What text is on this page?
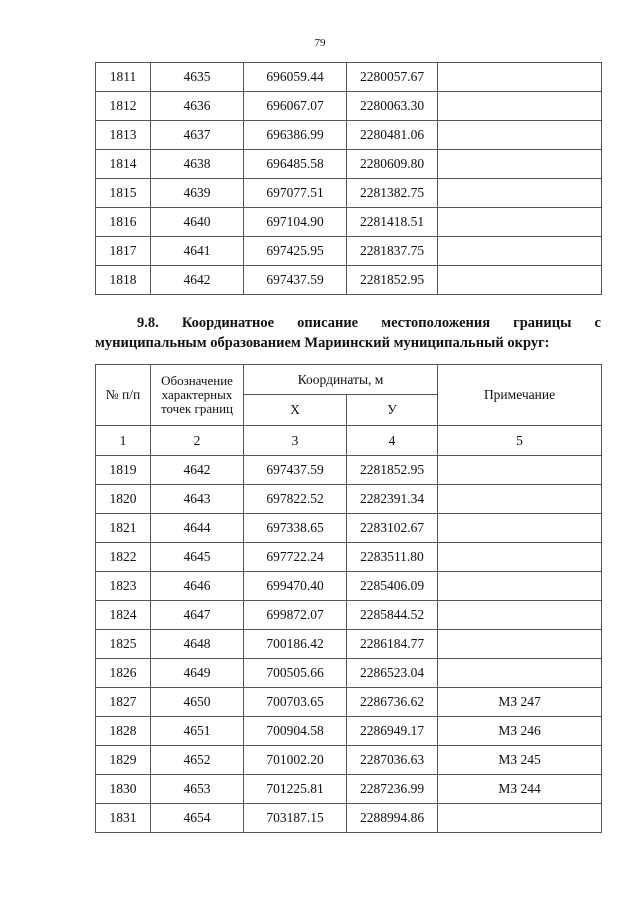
79
1811	4635	696059.44	2280057.67	
1812	4636	696067.07	2280063.30	
1813	4637	696386.99	2280481.06	
1814	4638	696485.58	2280609.80	
1815	4639	697077.51	2281382.75	
1816	4640	697104.90	2281418.51	
1817	4641	697425.95	2281837.75	
1818	4642	697437.59	2281852.95	
9.8. Координатное описание местоположения границы с
муниципальным образованием Мариинский муниципальный округ:
№ п/п	Обозначение характерных точек границ	Координаты, м		Примечание
		Х	У	
1	2	3	4	5
1819	4642	697437.59	2281852.95	
1820	4643	697822.52	2282391.34	
1821	4644	697338.65	2283102.67	
1822	4645	697722.24	2283511.80	
1823	4646	699470.40	2285406.09	
1824	4647	699872.07	2285844.52	
1825	4648	700186.42	2286184.77	
1826	4649	700505.66	2286523.04	
1827	4650	700703.65	2286736.62	МЗ 247
1828	4651	700904.58	2286949.17	МЗ 246
1829	4652	701002.20	2287036.63	МЗ 245
1830	4653	701225.81	2287236.99	МЗ 244
1831	4654	703187.15	2288994.86	
